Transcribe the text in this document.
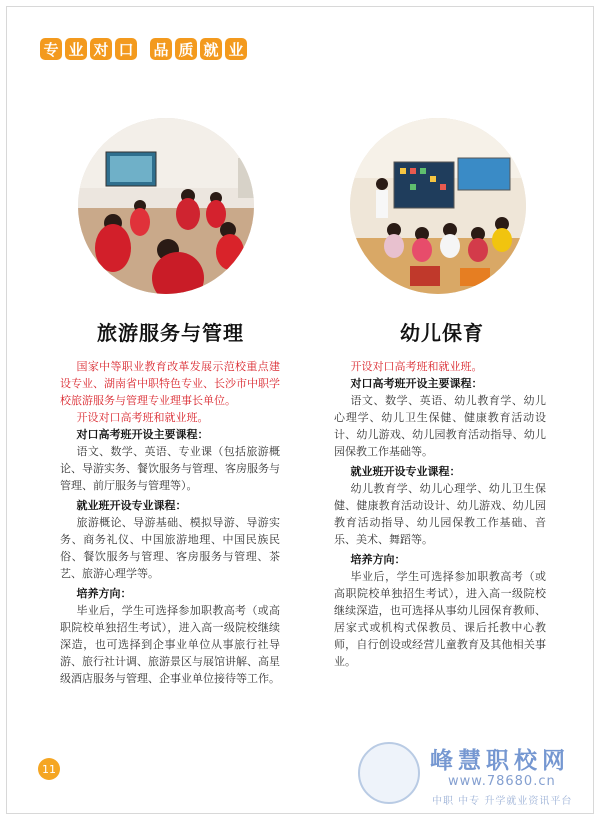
专 业 对 口 品 质 就 业
旅游服务与管理	幼儿保育

国家中等职业教育改革发展示范校重点建设专业、湖南省中职特色专业、长沙市中职学校旅游服务与管理专业理事长单位。

开设对口高考班和就业班。

对口高考班开设主要课程：

语文、数学、英语、专业课（包括旅游概论、导游实务、餐饮服务与管理、客房服务与管理、前厅服务与管理等）。

就业班开设专业课程：

旅游概论、导游基础、模拟导游、导游实务、商务礼仪、中国旅游地理、中国民族民俗、餐饮服务与管理、客房服务与管理、茶艺、旅游心理学等。

培养方向：

毕业后，学生可选择参加职教高考（或高职院校单独招生考试），进入高一级院校继续深造，也可选择到企事业单位从事旅行社导游、旅行社计调、旅游景区与展馆讲解、高星级酒店服务与管理、企事业单位接待等工作。

开设对口高考班和就业班。

对口高考班开设主要课程：

语文、数学、英语、幼儿教育学、幼儿心理学、幼儿卫生保健、健康教育活动设计、幼儿游戏、幼儿园教育活动指导、幼儿园保教工作基础等。

就业班开设专业课程：

幼儿教育学、幼儿心理学、幼儿卫生保健、健康教育活动设计、幼儿游戏、幼儿园教育活动指导、幼儿园保教工作基础、音乐、美术、舞蹈等。

培养方向：

毕业后，学生可选择参加职教高考（或高职院校单独招生考试），进入高一级院校继续深造，也可选择从事幼儿园保育教师、居家式或机构式保教员、课后托教中心教师，自行创设或经营儿童教育及其他相关事业。

11	峰慧职校网
www.78680.cn
中职 中专 升学就业资讯平台
